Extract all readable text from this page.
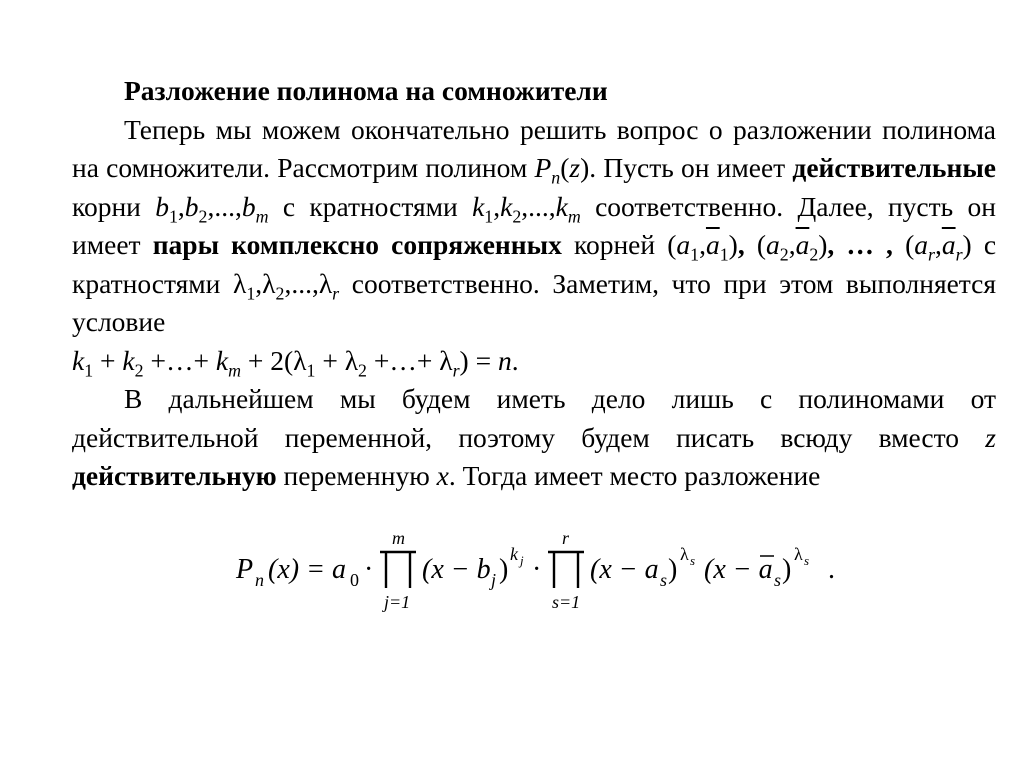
Разложение полинома на сомножители

Теперь мы можем окончательно решить вопрос о разложении полинома на сомножители. Рассмотрим полином $P_n(z)$. Пусть он имеет действительные корни $b_1,b_2,...,b_m$ с кратностями $k_1,k_2,...,k_m$ соответственно. Далее, пусть он имеет пары комплексно сопряженных корней $(a_1,\overline{a}_1)$, $(a_2,\overline{a}_2)$, … , $(a_r,\overline{a}_r)$ с кратностями $\lambda_1,\lambda_2,...,\lambda_r$ соответственно. Заметим, что при этом выполняется условие

$k_1 + k_2$ +…+ $k_m + 2(\lambda_1 + \lambda_2$ +…+ $\lambda_r) = n$.

В дальнейшем мы будем иметь дело лишь с полиномами от действительной переменной, поэтому будем писать всюду вместо z действительную переменную x. Тогда имеет место разложение

P n (x) = a 0 ·
m
j=1
(x − b j ) k j ·
r
s=1
(x − a s ) λ s (x − a s ) λ s .
